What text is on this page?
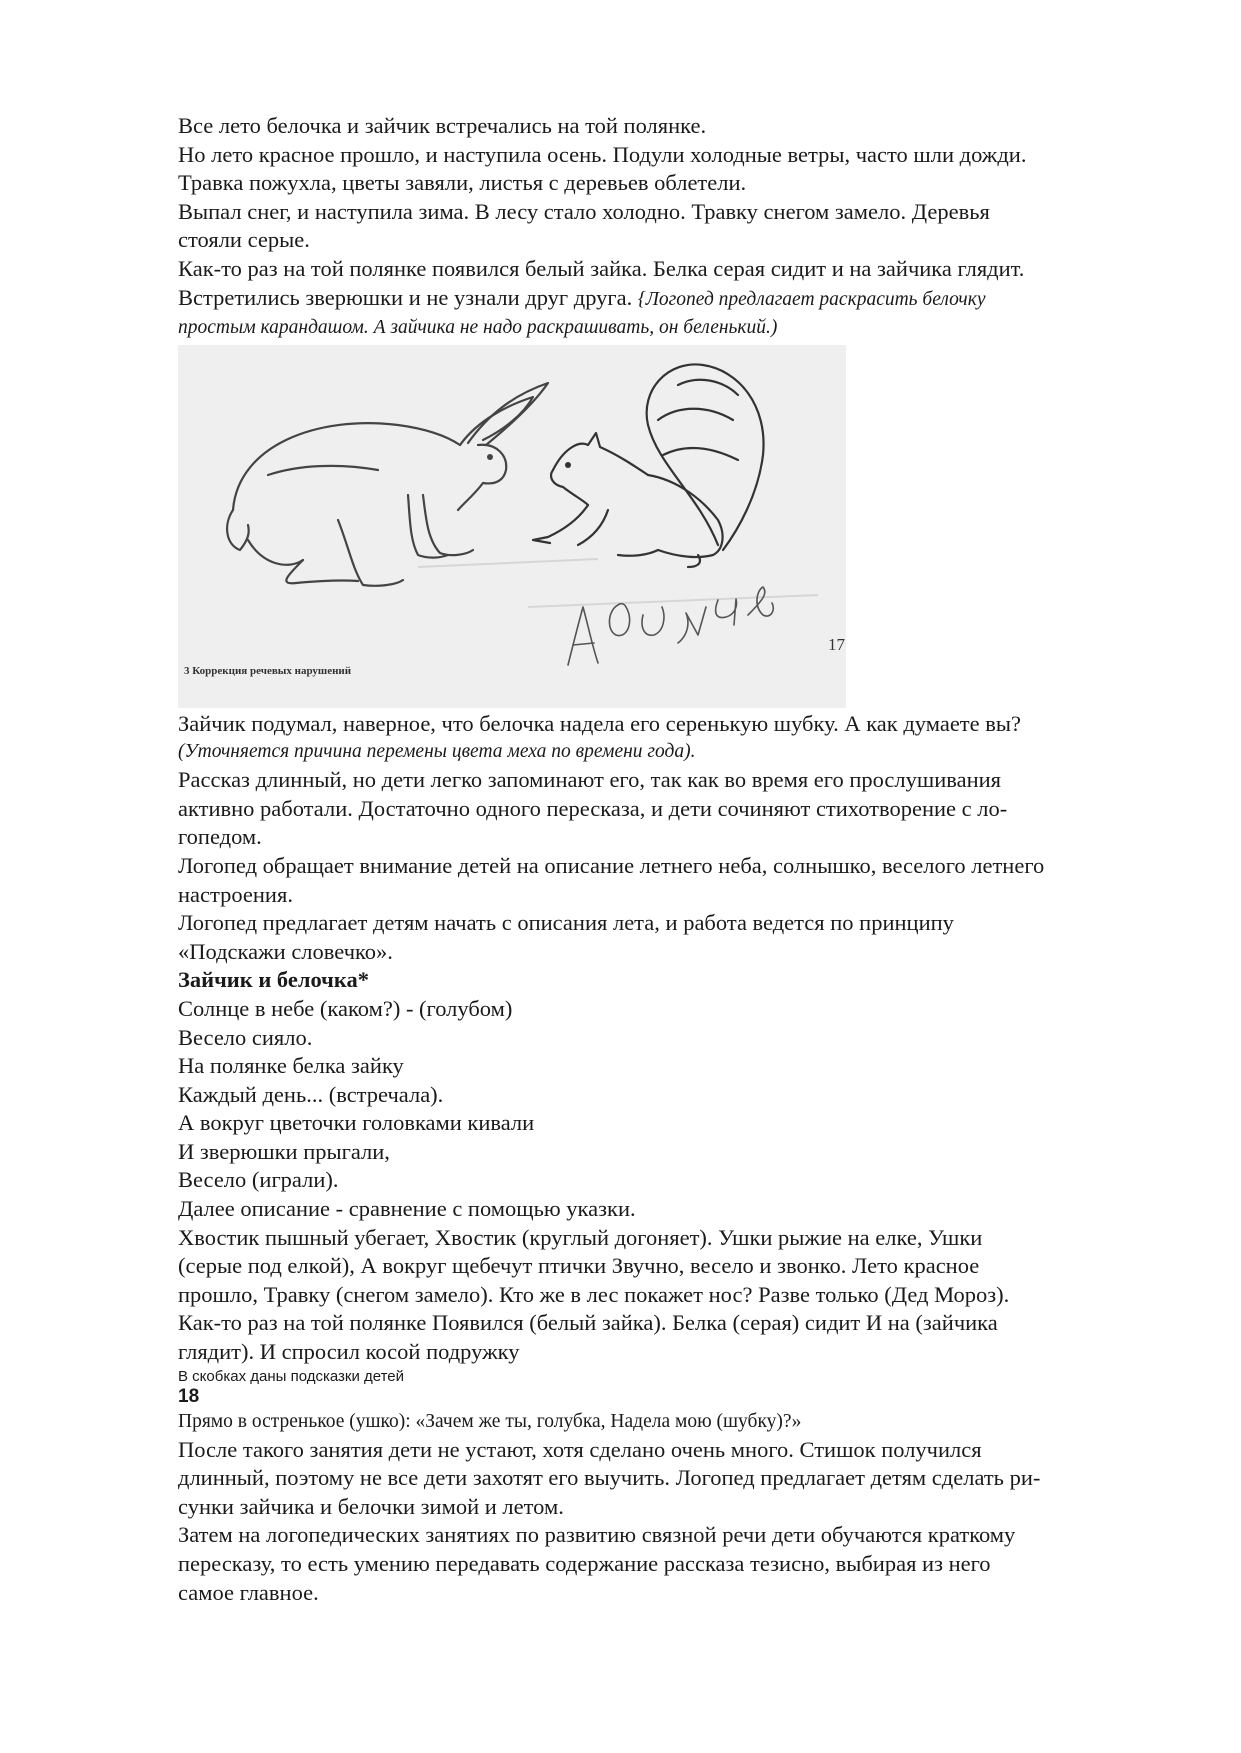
Все лето белочка и зайчик встречались на той полянке.
Но лето красное прошло, и наступила осень. Подули холодные ветры, часто шли дожди.
Травка пожухла, цветы завяли, листья с деревьев облетели.
Выпал снег, и наступила зима. В лесу стало холодно. Травку снегом замело. Деревья
стояли серые.
Как-то раз на той полянке появился белый зайка. Белка серая сидит и на зайчика глядит.
Встретились зверюшки и не узнали друг друга. {Логопед предлагает раскрасить белочку
простым карандашом. А зайчика не надо раскрашивать, он беленький.)
3 Коррекция речевых нарушений
17
Зайчик подумал, наверное, что белочка надела его серенькую шубку. А как думаете вы?
(Уточняется причина перемены цвета меха по времени года).
Рассказ длинный, но дети легко запоминают его, так как во время его прослушивания
активно работали. Достаточно одного пересказа, и дети сочиняют стихотворение с ло-
гопедом.
Логопед обращает внимание детей на описание летнего неба, солнышко, веселого летнего
настроения.
Логопед предлагает детям начать с описания лета, и работа ведется по принципу
«Подскажи словечко».
Зайчик и белочка*
Солнце в небе (каком?) - (голубом)
Весело сияло.
На полянке белка зайку
Каждый день... (встречала).
А вокруг цветочки головками кивали
И зверюшки прыгали,
Весело (играли).
Далее описание - сравнение с помощью указки.
Хвостик пышный убегает, Хвостик (круглый догоняет). Ушки рыжие на елке, Ушки
(серые под елкой), А вокруг щебечут птички Звучно, весело и звонко. Лето красное
прошло, Травку (снегом замело). Кто же в лес покажет нос? Разве только (Дед Мороз).
Как-то раз на той полянке Появился (белый зайка). Белка (серая) сидит И на (зайчика
глядит). И спросил косой подружку
В скобках даны подсказки детей
18
Прямо в остренькое (ушко): «Зачем же ты, голубка, Надела мою (шубку)?»
После такого занятия дети не устают, хотя сделано очень много. Стишок получился
длинный, поэтому не все дети захотят его выучить. Логопед предлагает детям сделать ри-
сунки зайчика и белочки зимой и летом.
Затем на логопедических занятиях по развитию связной речи дети обучаются краткому
пересказу, то есть умению передавать содержание рассказа тезисно, выбирая из него
самое главное.
